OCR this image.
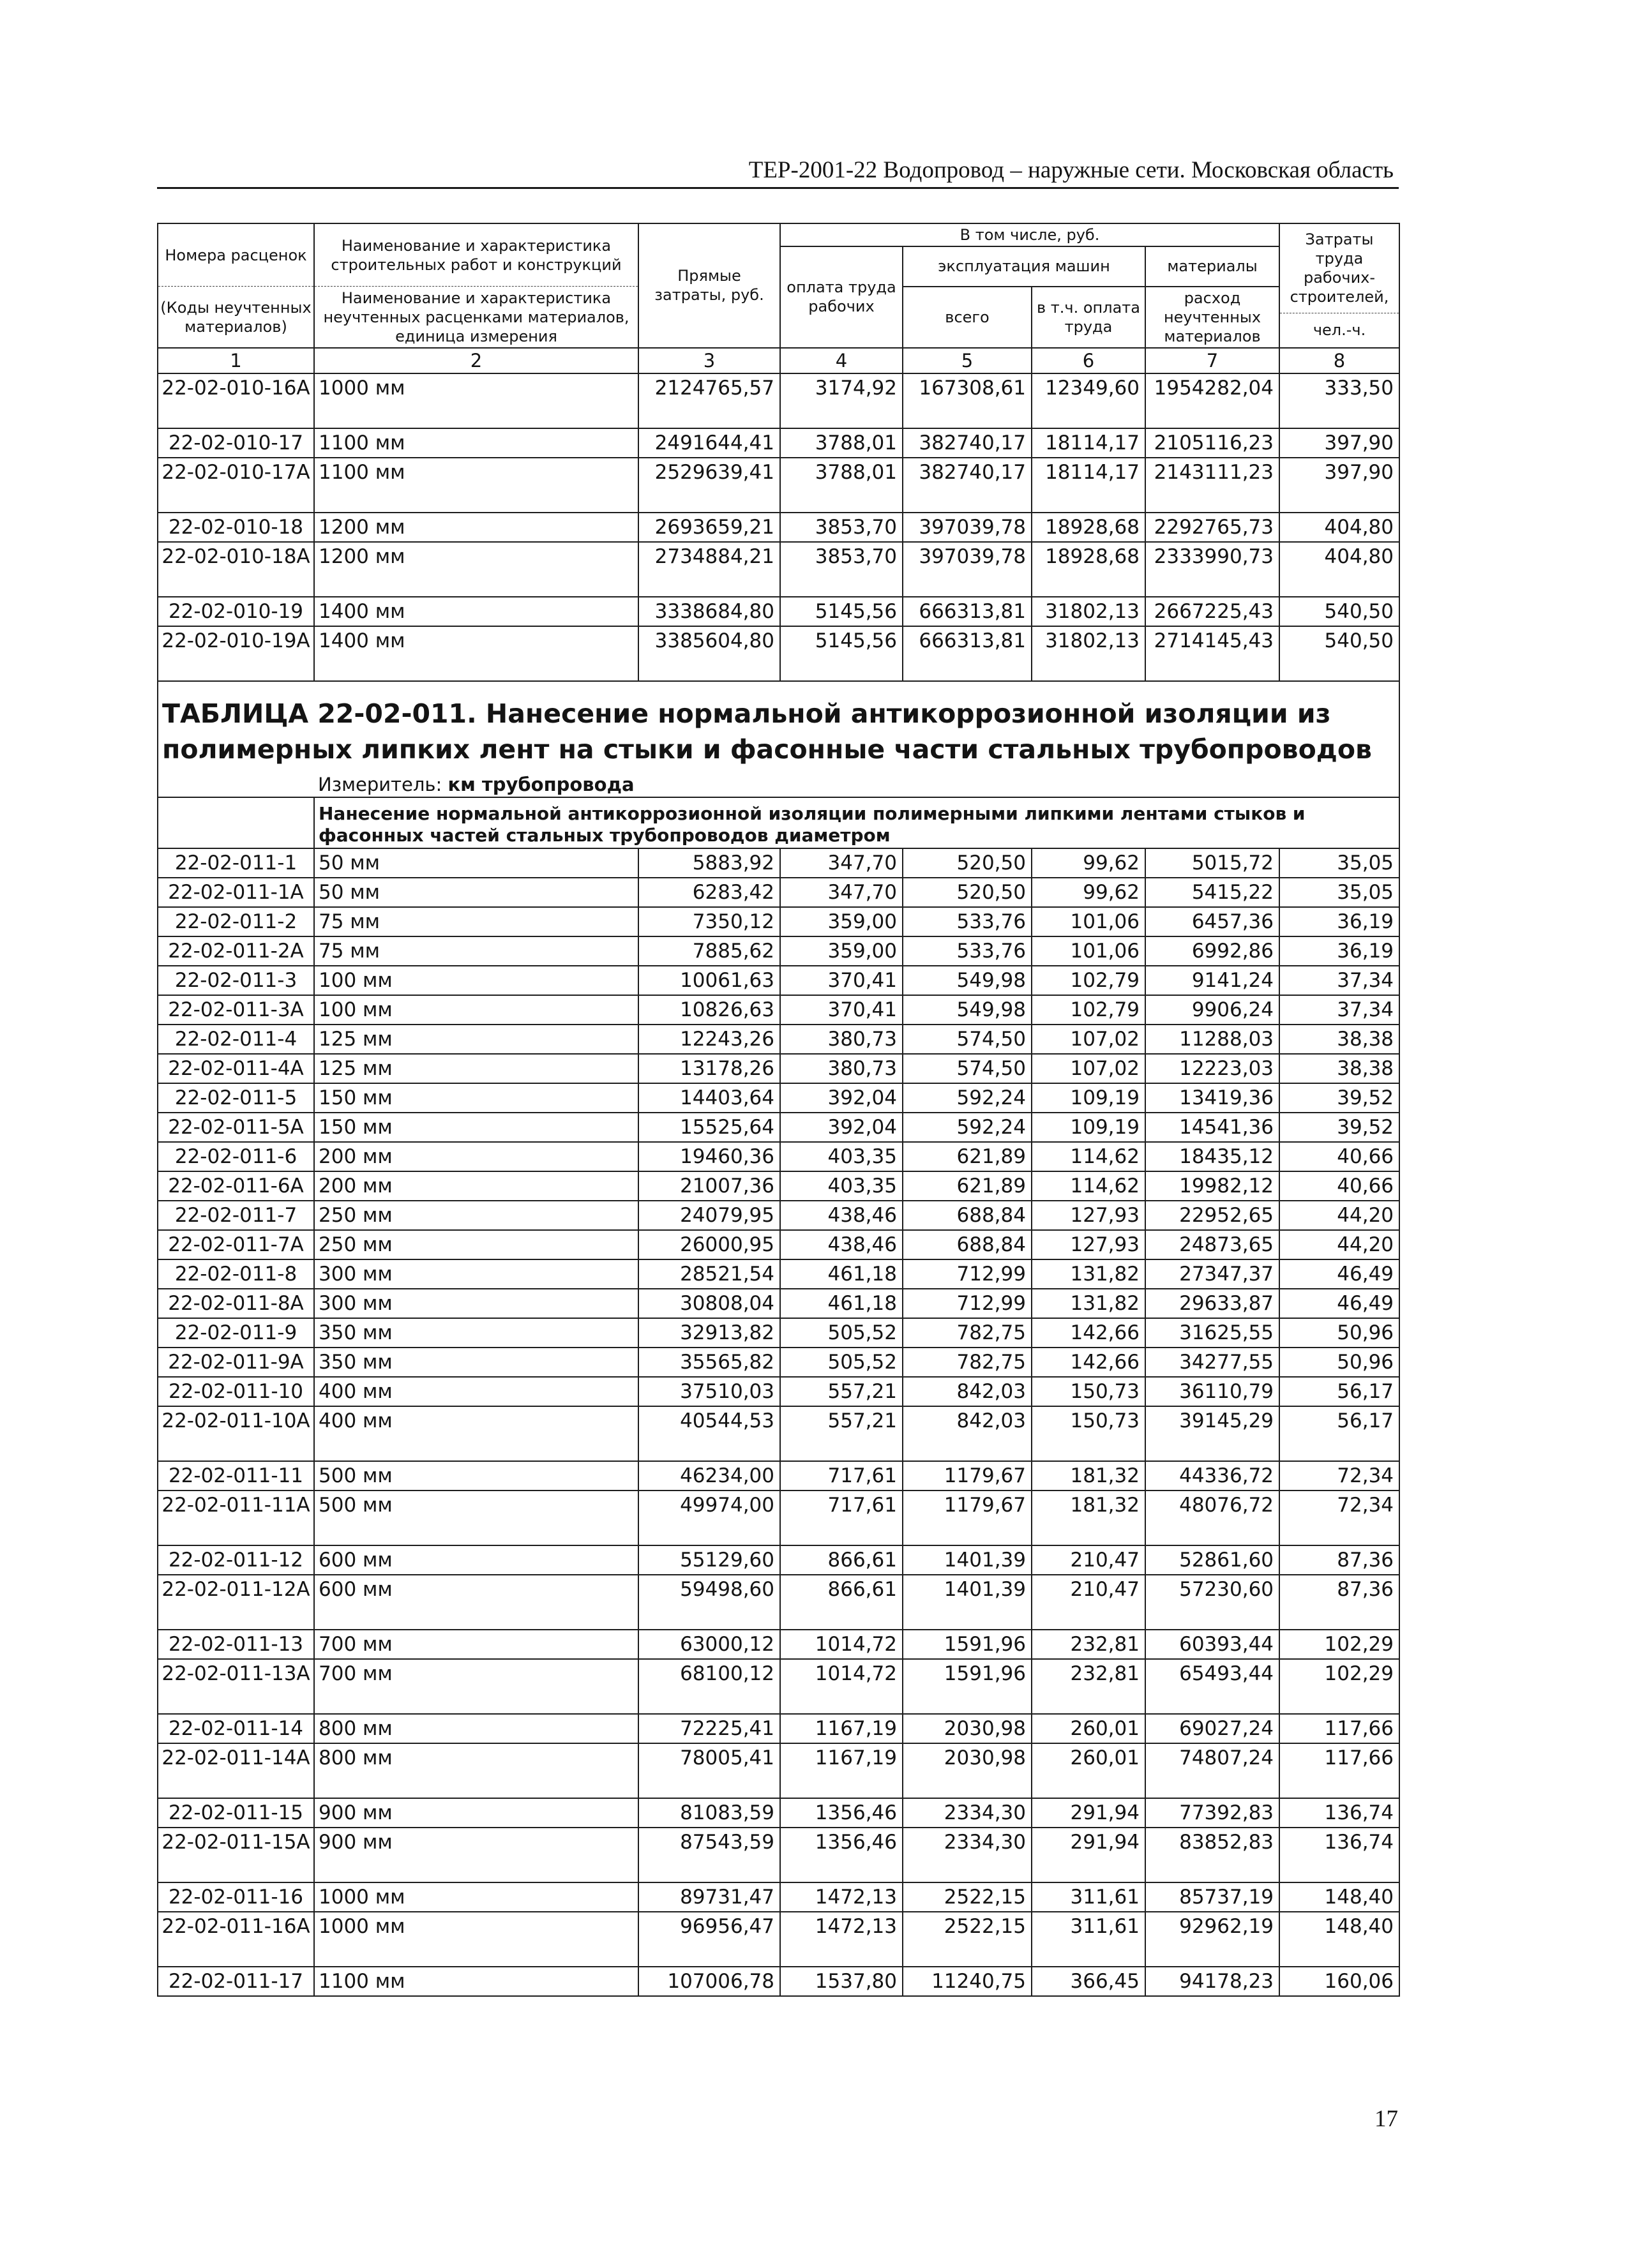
ТЕР-2001-22 Водопровод – наружные сети. Московская область
Номера расценок	Наименование и характеристика строительных работ и конструкций	Прямые затраты, руб.	В том числе, руб.				Затраты труда рабочих-строителей,
			оплата труда рабочих	эксплуатация машин		материалы	
(Коды неучтенных материалов)	Наименование и характеристика неучтенных расценками материалов, единица измерения			всего	в т.ч. оплата труда	расход неучтенных материалов	
							чел.-ч.
1	2	3	4	5	6	7	8
22-02-010-16А	1000 мм	2124765,57	3174,92	167308,61	12349,60	1954282,04	333,50
22-02-010-17	1100 мм	2491644,41	3788,01	382740,17	18114,17	2105116,23	397,90
22-02-010-17А	1100 мм	2529639,41	3788,01	382740,17	18114,17	2143111,23	397,90
22-02-010-18	1200 мм	2693659,21	3853,70	397039,78	18928,68	2292765,73	404,80
22-02-010-18А	1200 мм	2734884,21	3853,70	397039,78	18928,68	2333990,73	404,80
22-02-010-19	1400 мм	3338684,80	5145,56	666313,81	31802,13	2667225,43	540,50
22-02-010-19А	1400 мм	3385604,80	5145,56	666313,81	31802,13	2714145,43	540,50
ТАБЛИЦА 22-02-011. Нанесение нормальной антикоррозионной изоляции из полимерных липких лент на стыки и фасонные части стальных трубопроводов							
	Измеритель: км трубопровода						
	Нанесение нормальной антикоррозионной изоляции полимерными липкими лентами стыков и фасонных частей стальных трубопроводов диаметром						
22-02-011-1	50 мм	5883,92	347,70	520,50	99,62	5015,72	35,05
22-02-011-1А	50 мм	6283,42	347,70	520,50	99,62	5415,22	35,05
22-02-011-2	75 мм	7350,12	359,00	533,76	101,06	6457,36	36,19
22-02-011-2А	75 мм	7885,62	359,00	533,76	101,06	6992,86	36,19
22-02-011-3	100 мм	10061,63	370,41	549,98	102,79	9141,24	37,34
22-02-011-3А	100 мм	10826,63	370,41	549,98	102,79	9906,24	37,34
22-02-011-4	125 мм	12243,26	380,73	574,50	107,02	11288,03	38,38
22-02-011-4А	125 мм	13178,26	380,73	574,50	107,02	12223,03	38,38
22-02-011-5	150 мм	14403,64	392,04	592,24	109,19	13419,36	39,52
22-02-011-5А	150 мм	15525,64	392,04	592,24	109,19	14541,36	39,52
22-02-011-6	200 мм	19460,36	403,35	621,89	114,62	18435,12	40,66
22-02-011-6А	200 мм	21007,36	403,35	621,89	114,62	19982,12	40,66
22-02-011-7	250 мм	24079,95	438,46	688,84	127,93	22952,65	44,20
22-02-011-7А	250 мм	26000,95	438,46	688,84	127,93	24873,65	44,20
22-02-011-8	300 мм	28521,54	461,18	712,99	131,82	27347,37	46,49
22-02-011-8А	300 мм	30808,04	461,18	712,99	131,82	29633,87	46,49
22-02-011-9	350 мм	32913,82	505,52	782,75	142,66	31625,55	50,96
22-02-011-9А	350 мм	35565,82	505,52	782,75	142,66	34277,55	50,96
22-02-011-10	400 мм	37510,03	557,21	842,03	150,73	36110,79	56,17
22-02-011-10А	400 мм	40544,53	557,21	842,03	150,73	39145,29	56,17
22-02-011-11	500 мм	46234,00	717,61	1179,67	181,32	44336,72	72,34
22-02-011-11А	500 мм	49974,00	717,61	1179,67	181,32	48076,72	72,34
22-02-011-12	600 мм	55129,60	866,61	1401,39	210,47	52861,60	87,36
22-02-011-12А	600 мм	59498,60	866,61	1401,39	210,47	57230,60	87,36
22-02-011-13	700 мм	63000,12	1014,72	1591,96	232,81	60393,44	102,29
22-02-011-13А	700 мм	68100,12	1014,72	1591,96	232,81	65493,44	102,29
22-02-011-14	800 мм	72225,41	1167,19	2030,98	260,01	69027,24	117,66
22-02-011-14А	800 мм	78005,41	1167,19	2030,98	260,01	74807,24	117,66
22-02-011-15	900 мм	81083,59	1356,46	2334,30	291,94	77392,83	136,74
22-02-011-15А	900 мм	87543,59	1356,46	2334,30	291,94	83852,83	136,74
22-02-011-16	1000 мм	89731,47	1472,13	2522,15	311,61	85737,19	148,40
22-02-011-16А	1000 мм	96956,47	1472,13	2522,15	311,61	92962,19	148,40
22-02-011-17	1100 мм	107006,78	1537,80	11240,75	366,45	94178,23	160,06
17
